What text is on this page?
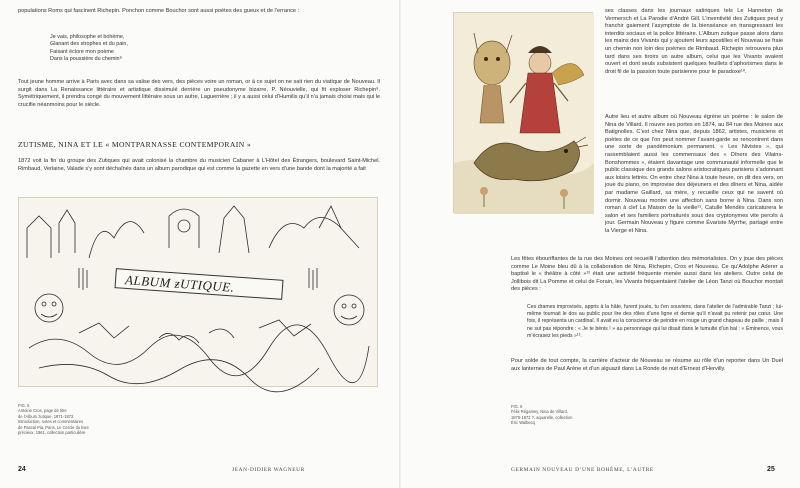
populations Roms qui fascinent Richepin. Ponchon comme Bouchor sont aussi poètes des gueux et de l’errance :

Je vais, philosophe et bohème,
Glanant des strophes et du pain,
Faisant éclore mon poème
Dans la poussière du chemin⁸

Tout jeune homme arrive à Paris avec dans sa valise des vers, des pièces voire un roman, or à ce sujet on ne sait rien du viatique de Nouveau. Il surgit dans La Renaissance littéraire et artistique dissimulé derrière un pseudonyme bizarre, P. Néouvielle, qui fit exploser Richepin⁹. Symétriquement, il prendra congé du mouvement littéraire sous un autre, Laguerrière ; il y a aussi celui d’Humilis qu’il n’a jamais choisi mais qui le crucifie néanmoins pour le siècle.

ZUTISME, NINA ET LE « MONTPARNASSE CONTEMPORAIN »

1872 voit la fin du groupe des Zutiques qui avait colonisé la chambre du musicien Cabaner à L’Hôtel des Étrangers, boulevard Saint-Michel. Rimbaud, Verlaine, Valade s’y sont déchaînés dans un album parodique qui est comme la gazette en vers d’une bande dont la majorité a fait

ALBUM ƶUTIQUE.
FIG. 5
Antoine Cros, page de titre
de l’Album zutique, 1871-1872.
Introduction, notes et commentaires
de Pascal Pia, Paris, Le Cercle du livre
précieux, 1961, collection particulière
24	JEAN-DIDIER WAGNEUR

ses classes dans les journaux satiriques tels Le Hanneton de Vermersch et La Parodie d’André Gill. L’inventivité des Zutiques peut y franchir gaiement l’asymptote de la bienséance en transgressant les interdits sociaux et la police littéraire. L’Album zutique passe alors dans les mains des Vivants qui y ajoutent leurs apostilles et Nouveau se fraie un chemin non loin des poèmes de Rimbaud. Richepin retrouvera plus tard dans ses tiroirs un autre album, celui que les Vivants avaient ouvert et dont seuls subsistent quelques feuillets d’aphorismes dans le droit fil de la passion toute parisienne pour le paradoxe¹⁰.

Autre lieu et autre album où Nouveau égrène un poème : le salon de Nina de Villard. Il rouvre ses portes en 1874, au 84 rue des Moines aux Batignolles. C’est chez Nina que, depuis 1862, artistes, musiciens et poètes de ce que l’on peut nommer l’avant-garde se rencontrent dans une sorte de pandémonium permanent. « Les Nivistes », qui rassemblaient aussi les commensaux des « Dîners des Vilains-Bonshommes », étaient davantage une communauté informelle que le public classique des grands salons aristocratiques parisiens s’adonnant aux loisirs lettrés. On entre chez Nina à toute heure, on dit des vers, on joue du piano, on improvise des déjeuners et des dîners et Nina, aidée par madame Gaillard, sa mère, y recueille ceux qui ne savent où dormir. Nouveau montre une affection sans borne à Nina. Dans son roman à clef La Maison de la vieille¹¹, Catulle Mendès caricaturera le salon et ses familiers portraiturés sous des cryptonymes vite percés à jour. Germain Nouveau y figure comme Évariste Myrrhe, partagé entre la Vierge et Nina.

Les fêtes ébouriffantes de la rue des Moines ont recueilli l’attention des mémorialistes. On y joue des pièces comme Le Moine bleu dû à la collaboration de Nina, Richepin, Cros et Nouveau. Ce qu’Adolphe Aderer a baptisé le « théâtre à côté »¹² était une activité fréquente menée aussi dans les ateliers. Outre celui de Jollibois dit La Pomme et celui de Forain, les Vivants fréquentaient l’atelier de Léon Tanzi où Bouchor montait des pièces :

Ces drames improvisés, appris à la hâte, furent joués, tu t’en souviens, dans l’atelier de l’admirable Tanzi ; lui-même tournait le dos au public pour lire des rôles d’une ligne et demie qu’il n’avait pu retenir par cœur. Une fois, il représenta un cardinal. Il avait eu la conscience de peindre en rouge un grand chapeau de paille ; mais il ne sut pas répondre : « Je te bénis ! » au personnage qui lui disait dans le tumulte d’un bal : « Éminence, vous m’écrasez les pieds »¹³.

Pour solde de tout compte, la carrière d’acteur de Nouveau se résume au rôle d’un reporter dans Un Duel aux lanternes de Paul Arène et d’un alguazil dans La Ronde de nuit d’Ernest d’Hervilly.

FIG. 6
Félix Régamey, Nina de Villard,
1870-1872 ?, aquarelle, collection
Éric Walbecq
GERMAIN NOUVEAU D’UNE BOHÈME, L’AUTRE	25
